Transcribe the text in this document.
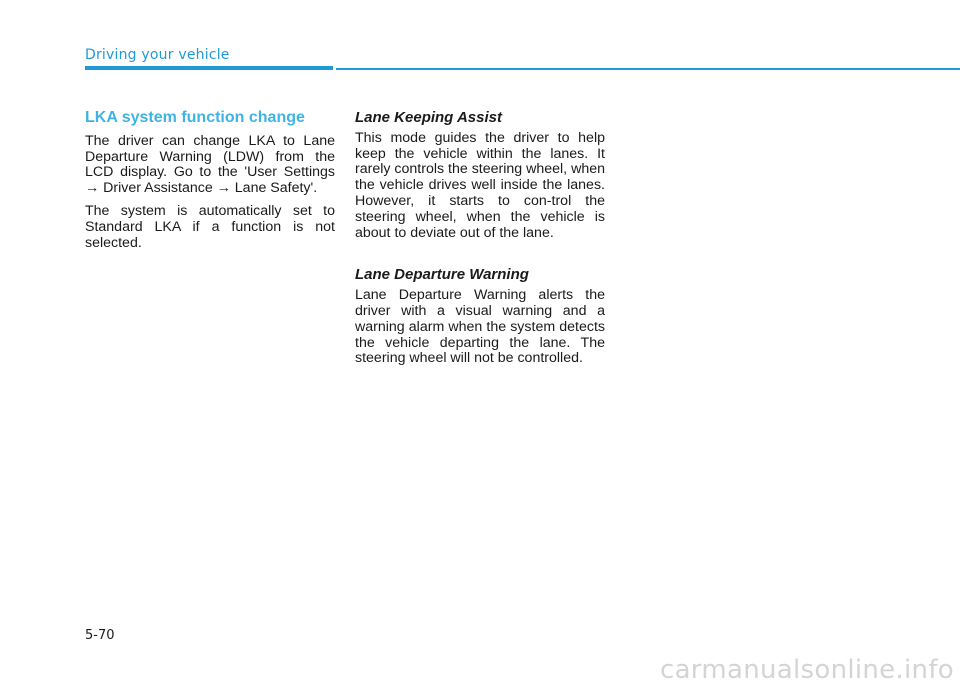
Driving your vehicle
LKA system function change

The driver can change LKA to Lane Departure Warning (LDW) from the LCD display. Go to the 'User Settings → Driver Assistance → Lane Safety'.

The system is automatically set to Standard LKA if a function is not selected.

Lane Keeping Assist

This mode guides the driver to help keep the vehicle within the lanes. It rarely controls the steering wheel, when the vehicle drives well inside the lanes. However, it starts to con-trol the steering wheel, when the vehicle is about to deviate out of the lane.

Lane Departure Warning

Lane Departure Warning alerts the driver with a visual warning and a warning alarm when the system detects the vehicle departing the lane. The steering wheel will not be controlled.

5-70
carmanualsonline.info
